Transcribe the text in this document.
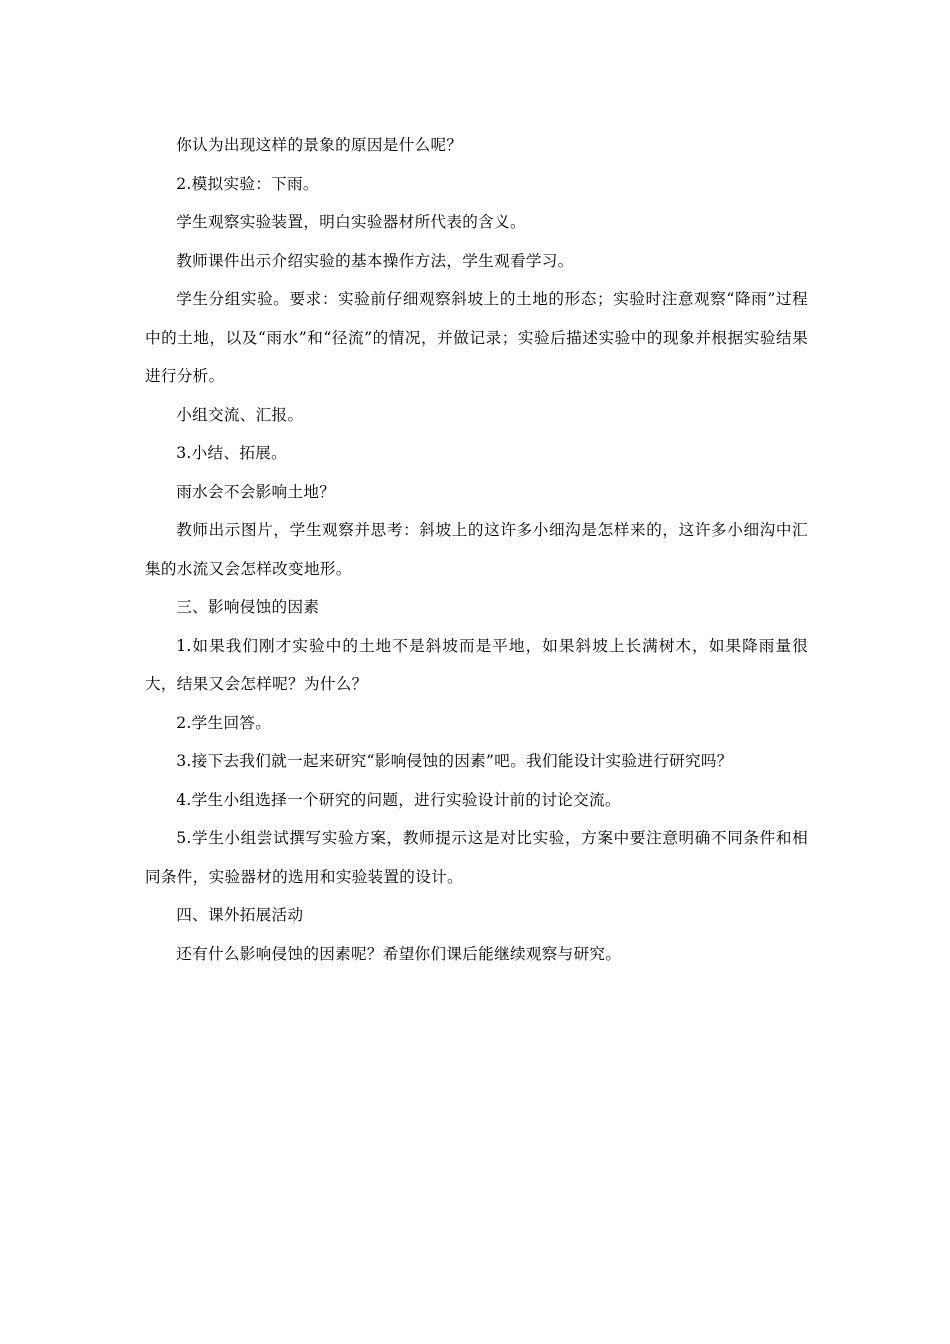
你认为出现这样的景象的原因是什么呢？

2.模拟实验：下雨。

学生观察实验装置，明白实验器材所代表的含义。

教师课件出示介绍实验的基本操作方法，学生观看学习。

学生分组实验。要求：实验前仔细观察斜坡上的土地的形态；实验时注意观察“降雨”过程中的土地，以及“雨水”和“径流”的情况，并做记录；实验后描述实验中的现象并根据实验结果进行分析。

小组交流、汇报。

3.小结、拓展。

雨水会不会影响土地？

教师出示图片，学生观察并思考：斜坡上的这许多小细沟是怎样来的，这许多小细沟中汇集的水流又会怎样改变地形。

三、影响侵蚀的因素

1.如果我们刚才实验中的土地不是斜坡而是平地，如果斜坡上长满树木，如果降雨量很大，结果又会怎样呢？为什么？

2.学生回答。

3.接下去我们就一起来研究“影响侵蚀的因素”吧。我们能设计实验进行研究吗？

4.学生小组选择一个研究的问题，进行实验设计前的讨论交流。

5.学生小组尝试撰写实验方案，教师提示这是对比实验，方案中要注意明确不同条件和相同条件，实验器材的选用和实验装置的设计。

四、课外拓展活动

还有什么影响侵蚀的因素呢？希望你们课后能继续观察与研究。
